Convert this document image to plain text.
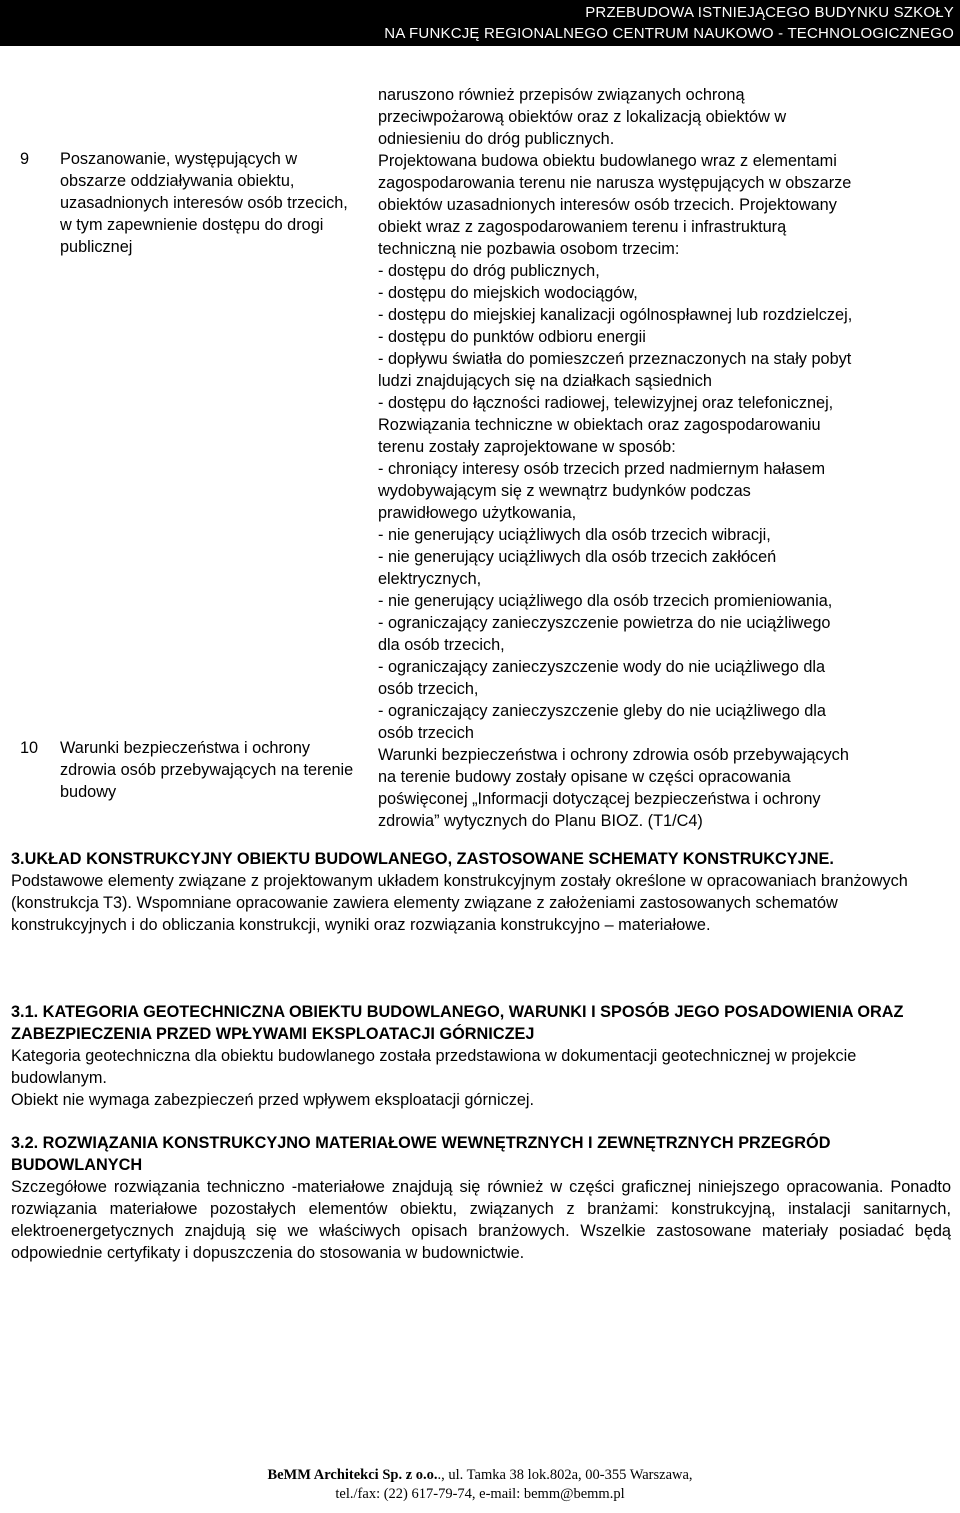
PRZEBUDOWA ISTNIEJĄCEGO BUDYNKU SZKOŁY
NA FUNKCJĘ REGIONALNEGO CENTRUM NAUKOWO - TECHNOLOGICZNEGO
9 Poszanowanie, występujących w obszarze oddziaływania obiektu, uzasadnionych interesów osób trzecich, w tym zapewnienie dostępu do drogi publicznej
10 Warunki bezpieczeństwa i ochrony zdrowia osób przebywających na terenie budowy

naruszono również przepisów związanych ochroną

przeciwpożarową obiektów oraz z lokalizacją obiektów w

odniesieniu do dróg publicznych.

Projektowana budowa obiektu budowlanego wraz z elementami

zagospodarowania terenu nie narusza występujących w obszarze

obiektów uzasadnionych interesów osób trzecich. Projektowany

obiekt wraz z zagospodarowaniem terenu i infrastrukturą

techniczną nie pozbawia osobom trzecim:

- dostępu do dróg publicznych,

- dostępu do miejskich wodociągów,

- dostępu do miejskiej kanalizacji ogólnospławnej lub rozdzielczej,

- dostępu do punktów odbioru energii

- dopływu światła do pomieszczeń przeznaczonych na stały pobyt

ludzi znajdujących się na działkach sąsiednich

- dostępu do łączności radiowej, telewizyjnej oraz telefonicznej,

Rozwiązania techniczne w obiektach oraz zagospodarowaniu

terenu zostały zaprojektowane w sposób:

- chroniący interesy osób trzecich przed nadmiernym hałasem

wydobywającym się z wewnątrz budynków podczas

prawidłowego użytkowania,

- nie generujący uciążliwych dla osób trzecich wibracji,

- nie generujący uciążliwych dla osób trzecich zakłóceń

elektrycznych,

- nie generujący uciążliwego dla osób trzecich promieniowania,

- ograniczający zanieczyszczenie powietrza do nie uciążliwego

dla osób trzecich,

- ograniczający zanieczyszczenie wody do nie uciążliwego dla

osób trzecich,

- ograniczający zanieczyszczenie gleby do nie uciążliwego dla

osób trzecich

Warunki bezpieczeństwa i ochrony zdrowia osób przebywających

na terenie budowy zostały opisane w części opracowania

poświęconej „Informacji dotyczącej bezpieczeństwa i ochrony

zdrowia” wytycznych do Planu BIOZ. (T1/C4)

3.UKŁAD KONSTRUKCYJNY OBIEKTU BUDOWLANEGO, ZASTOSOWANE SCHEMATY KONSTRUKCYJNE.

Podstawowe elementy związane z projektowanym układem konstrukcyjnym zostały określone w opracowaniach branżowych (konstrukcja T3). Wspomniane opracowanie zawiera elementy związane z założeniami zastosowanych schematów konstrukcyjnych i do obliczania konstrukcji, wyniki oraz rozwiązania konstrukcyjno – materiałowe.

3.1. KATEGORIA GEOTECHNICZNA OBIEKTU BUDOWLANEGO, WARUNKI I SPOSÓB JEGO POSADOWIENIA ORAZ ZABEZPIECZENIA PRZED WPŁYWAMI EKSPLOATACJI GÓRNICZEJ

Kategoria geotechniczna dla obiektu budowlanego została przedstawiona w dokumentacji geotechnicznej w projekcie budowlanym.

Obiekt nie wymaga zabezpieczeń przed wpływem eksploatacji górniczej.

3.2. ROZWIĄZANIA KONSTRUKCYJNO MATERIAŁOWE WEWNĘTRZNYCH I ZEWNĘTRZNYCH PRZEGRÓD BUDOWLANYCH

Szczegółowe rozwiązania techniczno -materiałowe znajdują się również w części graficznej niniejszego opracowania. Ponadto rozwiązania materiałowe pozostałych elementów obiektu, związanych z branżami: konstrukcyjną, instalacji sanitarnych, elektroenergetycznych znajdują się we właściwych opisach branżowych. Wszelkie zastosowane materiały posiadać będą odpowiednie certyfikaty i dopuszczenia do stosowania w budownictwie.

BeMM Architekci Sp. z o.o.., ul. Tamka 38 lok.802a, 00-355 Warszawa,
tel./fax: (22) 617-79-74, e-mail: bemm@bemm.pl
